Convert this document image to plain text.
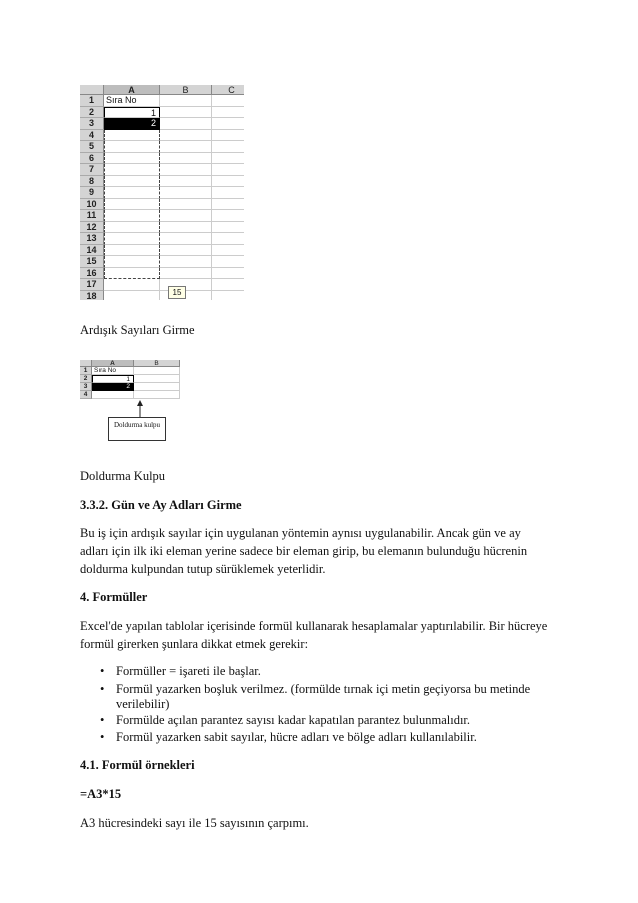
A	B	C
1	Sıra No
2	1
3	2
4
5
6
7
8
9
10
11
12
13
14
15
16
17
18
Ardışık Sayıları Girme
A	B
1	Sıra No
2	1
3	2
4
Doldurma kulpu
Doldurma Kulpu
3.3.2. Gün ve Ay Adları Girme
Bu iş için ardışık sayılar için uygulanan yöntemin aynısı uygulanabilir. Ancak gün ve ay
adları için ilk iki eleman yerine sadece bir eleman girip, bu elemanın bulunduğu hücrenin
doldurma kulpundan tutup sürüklemek yeterlidir.
4. Formüller
Excel'de yapılan tablolar içerisinde formül kullanarak hesaplamalar yaptırılabilir. Bir hücreye
formül girerken şunlara dikkat etmek gerekir:
• Formüller = işareti ile başlar.
• Formül yazarken boşluk verilmez. (formülde tırnak içi metin geçiyorsa bu metinde
verilebilir)
• Formülde açılan parantez sayısı kadar kapatılan parantez bulunmalıdır.
• Formül yazarken sabit sayılar, hücre adları ve bölge adları kullanılabilir.
4.1. Formül örnekleri
=A3*15
A3 hücresindeki sayı ile 15 sayısının çarpımı.
15
